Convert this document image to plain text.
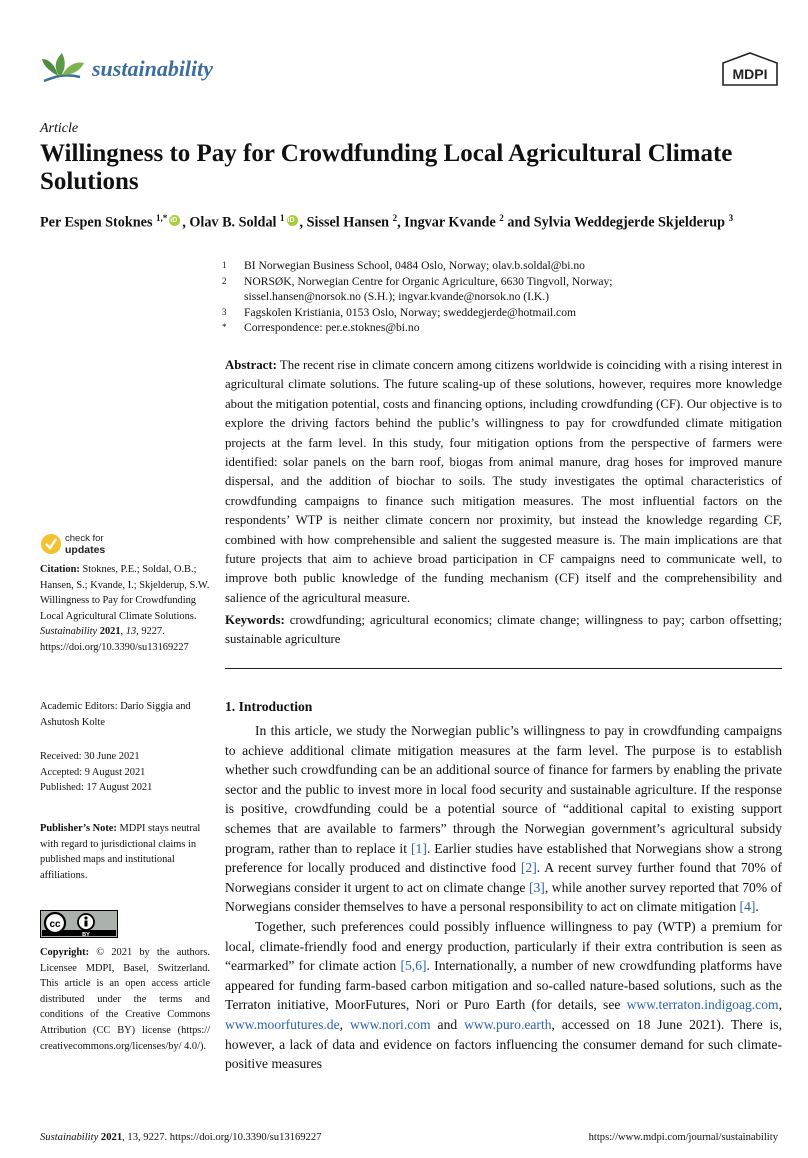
sustainability	MDPI
Article
Willingness to Pay for Crowdfunding Local Agricultural Climate Solutions
Per Espen Stoknes $^{1,*}$ iD , Olav B. Soldal $^1$ iD , Sissel Hansen $^2$, Ingvar Kvande $^2$ and Sylvia Weddegjerde Skjelderup $^3$
1	BI Norwegian Business School, 0484 Oslo, Norway; olav.b.soldal@bi.no
2	NORSØK, Norwegian Centre for Organic Agriculture, 6630 Tingvoll, Norway;
sissel.hansen@norsok.no (S.H.); ingvar.kvande@norsok.no (I.K.)
3	Fagskolen Kristiania, 0153 Oslo, Norway; sweddegjerde@hotmail.com
*	Correspondence: per.e.stoknes@bi.no
Abstract: The recent rise in climate concern among citizens worldwide is coinciding with a rising interest in agricultural climate solutions. The future scaling-up of these solutions, however, requires more knowledge about the mitigation potential, costs and financing options, including crowdfunding (CF). Our objective is to explore the driving factors behind the public’s willingness to pay for crowdfunded climate mitigation projects at the farm level. In this study, four mitigation options from the perspective of farmers were identified: solar panels on the barn roof, biogas from animal manure, drag hoses for improved manure dispersal, and the addition of biochar to soils. The study investigates the optimal characteristics of crowdfunding campaigns to finance such mitigation measures. The most influential factors on the respondents’ WTP is neither climate concern nor proximity, but instead the knowledge regarding CF, combined with how comprehensible and salient the suggested measure is. The main implications are that future projects that aim to achieve broad participation in CF campaigns need to communicate well, to improve both public knowledge of the funding mechanism (CF) itself and the comprehensibility and salience of the agricultural measure.
Keywords: crowdfunding; agricultural economics; climate change; willingness to pay; carbon offsetting; sustainable agriculture
1. Introduction

In this article, we study the Norwegian public’s willingness to pay in crowdfunding campaigns to achieve additional climate mitigation measures at the farm level. The purpose is to establish whether such crowdfunding can be an additional source of finance for farmers by enabling the private sector and the public to invest more in local food security and sustainable agriculture. If the response is positive, crowdfunding could be a potential source of “additional capital to existing support schemes that are available to farmers” through the Norwegian government’s agricultural subsidy program, rather than to replace it [1]. Earlier studies have established that Norwegians show a strong preference for locally produced and distinctive food [2]. A recent survey further found that 70% of Norwegians consider it urgent to act on climate change [3], while another survey reported that 70% of Norwegians consider themselves to have a personal responsibility to act on climate mitigation [4].

Together, such preferences could possibly influence willingness to pay (WTP) a premium for local, climate-friendly food and energy production, particularly if their extra contribution is seen as “earmarked” for climate action [5,6]. Internationally, a number of new crowdfunding platforms have appeared for funding farm-based carbon mitigation and so-called nature-based solutions, such as the Terraton initiative, MoorFutures, Nori or Puro Earth (for details, see www.terraton.indigoag.com, www.moorfutures.de, www.nori.com and www.puro.earth, accessed on 18 June 2021). There is, however, a lack of data and evidence on factors influencing the consumer demand for such climate-positive measures

check for
updates
Citation: Stoknes, P.E.; Soldal, O.B.; Hansen, S.; Kvande, I.; Skjelderup, S.W. Willingness to Pay for Crowdfunding Local Agricultural Climate Solutions. Sustainability 2021, 13, 9227. https://doi.org/10.3390/su13169227
Academic Editors: Dario Siggia and Ashutosh Kolte
Received: 30 June 2021
Accepted: 9 August 2021
Published: 17 August 2021
Publisher’s Note: MDPI stays neutral with regard to jurisdictional claims in published maps and institutional affiliations.
cc
BY
Copyright: © 2021 by the authors. Licensee MDPI, Basel, Switzerland. This article is an open access article distributed under the terms and conditions of the Creative Commons Attribution (CC BY) license (https:// creativecommons.org/licenses/by/ 4.0/).
Sustainability 2021, 13, 9227. https://doi.org/10.3390/su13169227	https://www.mdpi.com/journal/sustainability
